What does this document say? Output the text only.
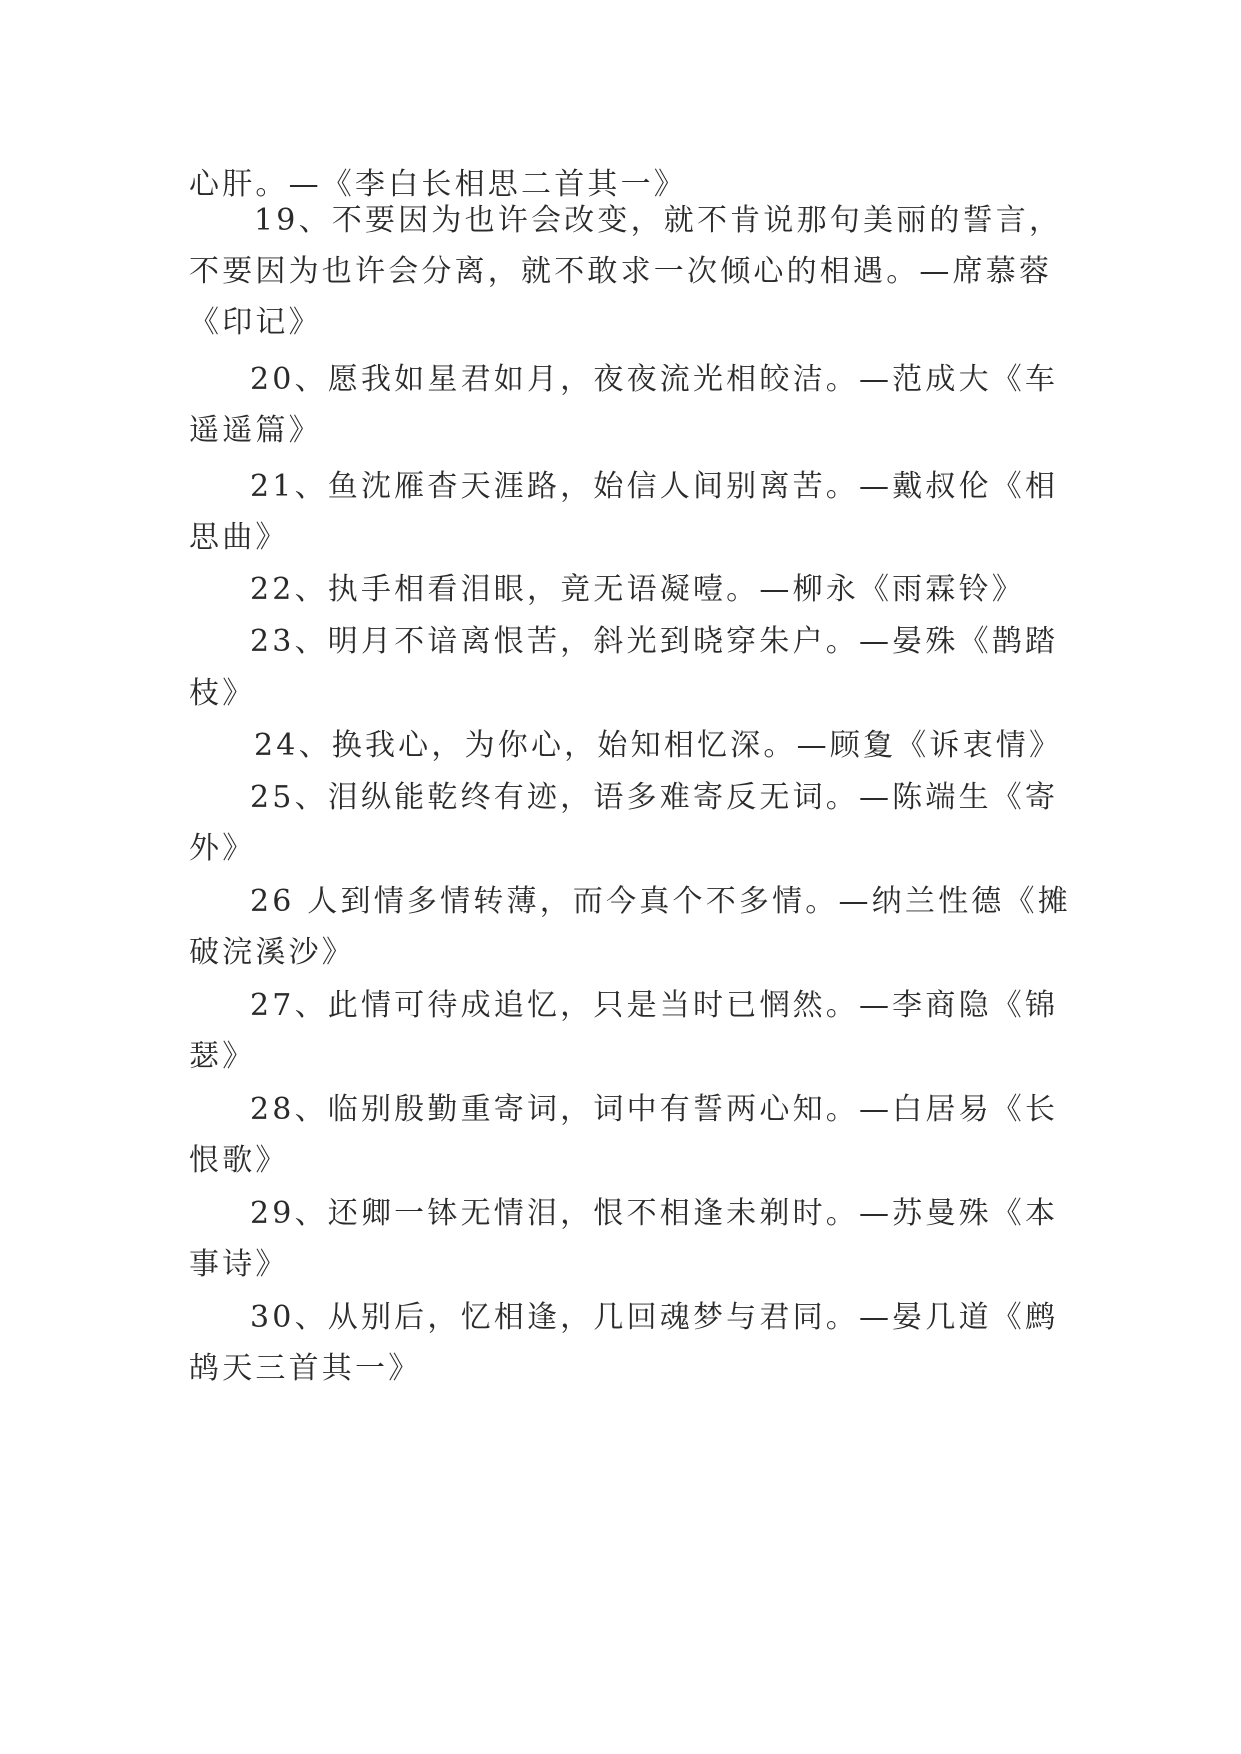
心肝。—《李白长相思二首其一》
19、不要因为也许会改变，就不肯说那句美丽的誓言，
不要因为也许会分离，就不敢求一次倾心的相遇。—席慕蓉
《印记》
20、愿我如星君如月，夜夜流光相皎洁。—范成大《车
遥遥篇》
21、鱼沈雁杳天涯路，始信人间别离苦。—戴叔伦《相
思曲》
22、执手相看泪眼，竟无语凝噎。—柳永《雨霖铃》
23、明月不谙离恨苦，斜光到晓穿朱户。—晏殊《鹊踏
枝》
24、换我心，为你心，始知相忆深。—顾夐《诉衷情》
25、泪纵能乾终有迹，语多难寄反无词。—陈端生《寄
外》
26 人到情多情转薄，而今真个不多情。—纳兰性德《摊
破浣溪沙》
27、此情可待成追忆，只是当时已惘然。—李商隐《锦
瑟》
28、临别殷勤重寄词，词中有誓两心知。—白居易《长
恨歌》
29、还卿一钵无情泪，恨不相逢未剃时。—苏曼殊《本
事诗》
30、从别后，忆相逢，几回魂梦与君同。—晏几道《鹧
鸪天三首其一》
